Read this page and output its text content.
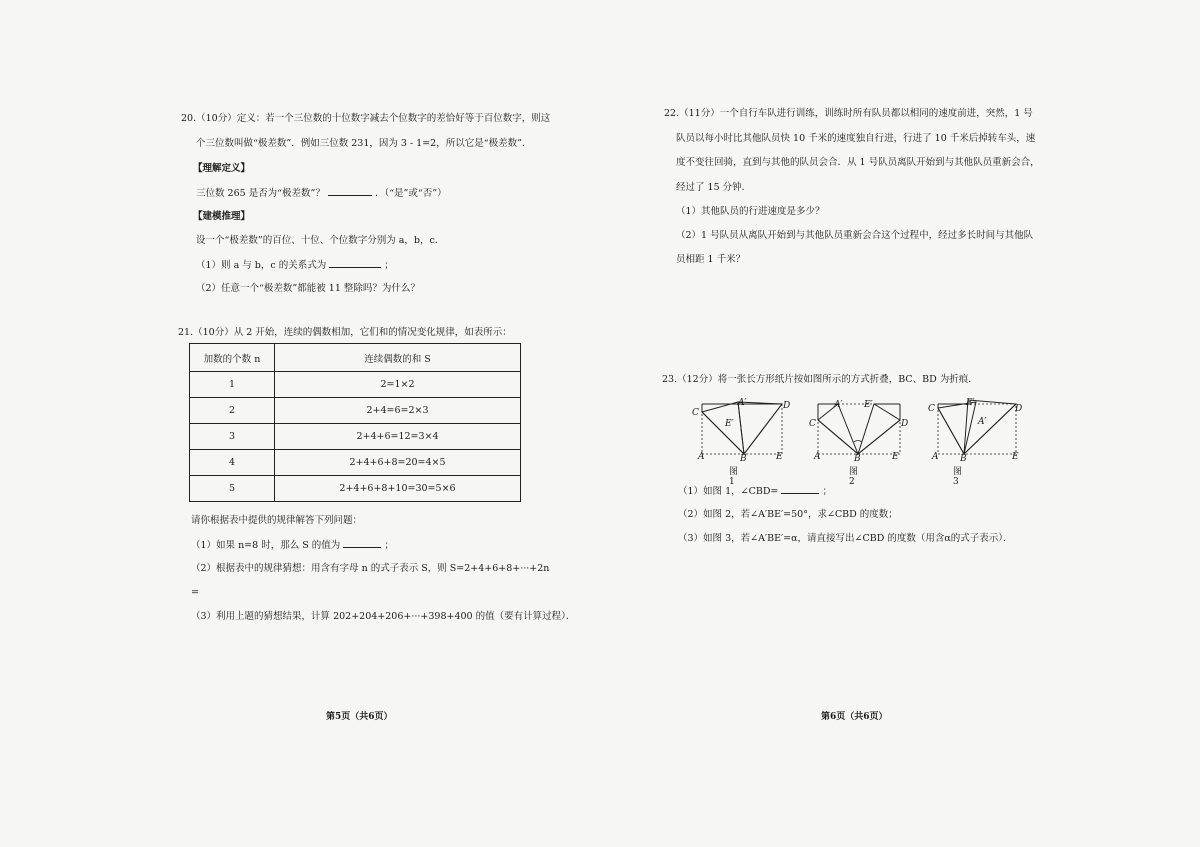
20.（10分）定义：若一个三位数的十位数字减去个位数字的差恰好等于百位数字，则这
个三位数叫做“极差数”．例如三位数 231，因为 3 - 1=2，所以它是“极差数”．
【理解定义】
三位数 265 是否为“极差数”？	．（“是”或“否”）
【建模推理】
设一个“极差数”的百位、十位、个位数字分别为 a，b，c．
（1）则 a 与 b，c 的关系式为	；
（2）任意一个“极差数”都能被 11 整除吗？为什么？
21.（10分）从 2 开始，连续的偶数相加，它们和的情况变化规律，如表所示：
加数的个数 n	连续偶数的和 S
1	2=1×2
2	2+4=6=2×3
3	2+4+6=12=3×4
4	2+4+6+8=20=4×5
5	2+4+6+8+10=30=5×6
请你根据表中提供的规律解答下列问题：
（1）如果 n=8 时，那么 S 的值为	；
（2）根据表中的规律猜想：用含有字母 n 的式子表示 S，则 S=2+4+6+8+···+2n
=
（3）利用上题的猜想结果，计算 202+204+206+···+398+400 的值（要有计算过程）．
第5页（共6页）
22.（11分）一个自行车队进行训练，训练时所有队员都以相同的速度前进，突然，1 号
队员以每小时比其他队员快 10 千米的速度独自行进，行进了 10 千米后掉转车头，速
度不变往回骑，直到与其他的队员会合．从 1 号队员离队开始到与其他队员重新会合，
经过了 15 分钟．
（1）其他队员的行进速度是多少？
（2）1 号队员从离队开始到与其他队员重新会合这个过程中，经过多长时间与其他队
员相距 1 千米？
23.（12分）将一张长方形纸片按如图所示的方式折叠，BC、BD 为折痕．
（1）如图 1，∠CBD=	；
（2）如图 2，若∠A′BE′=50°，求∠CBD 的度数；
（3）如图 3，若∠A′BE′=α，请直接写出∠CBD 的度数（用含α的式子表示）．
第6页（共6页）
C
A′	D
E′
A	B	E
图1
A′ E′
C	D
A	B	E
图2
C
E′
D
A′
A B	E
图3
